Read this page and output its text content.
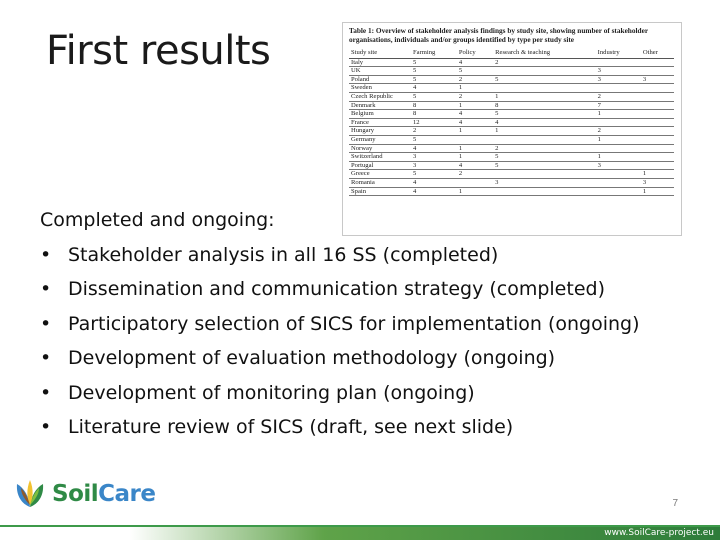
First results	Table 1: Overview of stakeholder analysis findings by study site, showing number of stakeholder organisations, individuals and/or groups identified by type per study site
Study site	Farming	Policy	Research & teaching	Industry	Other
Italy	5	4	2		
UK	5	5		3	
Poland	5	2	5	3	3
Sweden	4	1			
Czech Republic	5	2	1	2	
Denmark	8	1	8	7	
Belgium	8	4	5	1	
France	12	4	4		
Hungary	2	1	1	2	
Germany	5			1	
Norway	4	1	2		
Switzerland	3	1	5	1	
Portugal	3	4	5	3	
Greece	5	2			1
Romania	4		3		3
Spain	4	1			1
Completed and ongoing:
• Stakeholder analysis in all 16 SS (completed)
• Dissemination and communication strategy (completed)
• Participatory selection of SICS for implementation (ongoing)
• Development of evaluation methodology (ongoing)
• Development of monitoring plan (ongoing)
• Literature review of SICS (draft, see next slide)
SoilCare	7
www.SoilCare-project.eu
